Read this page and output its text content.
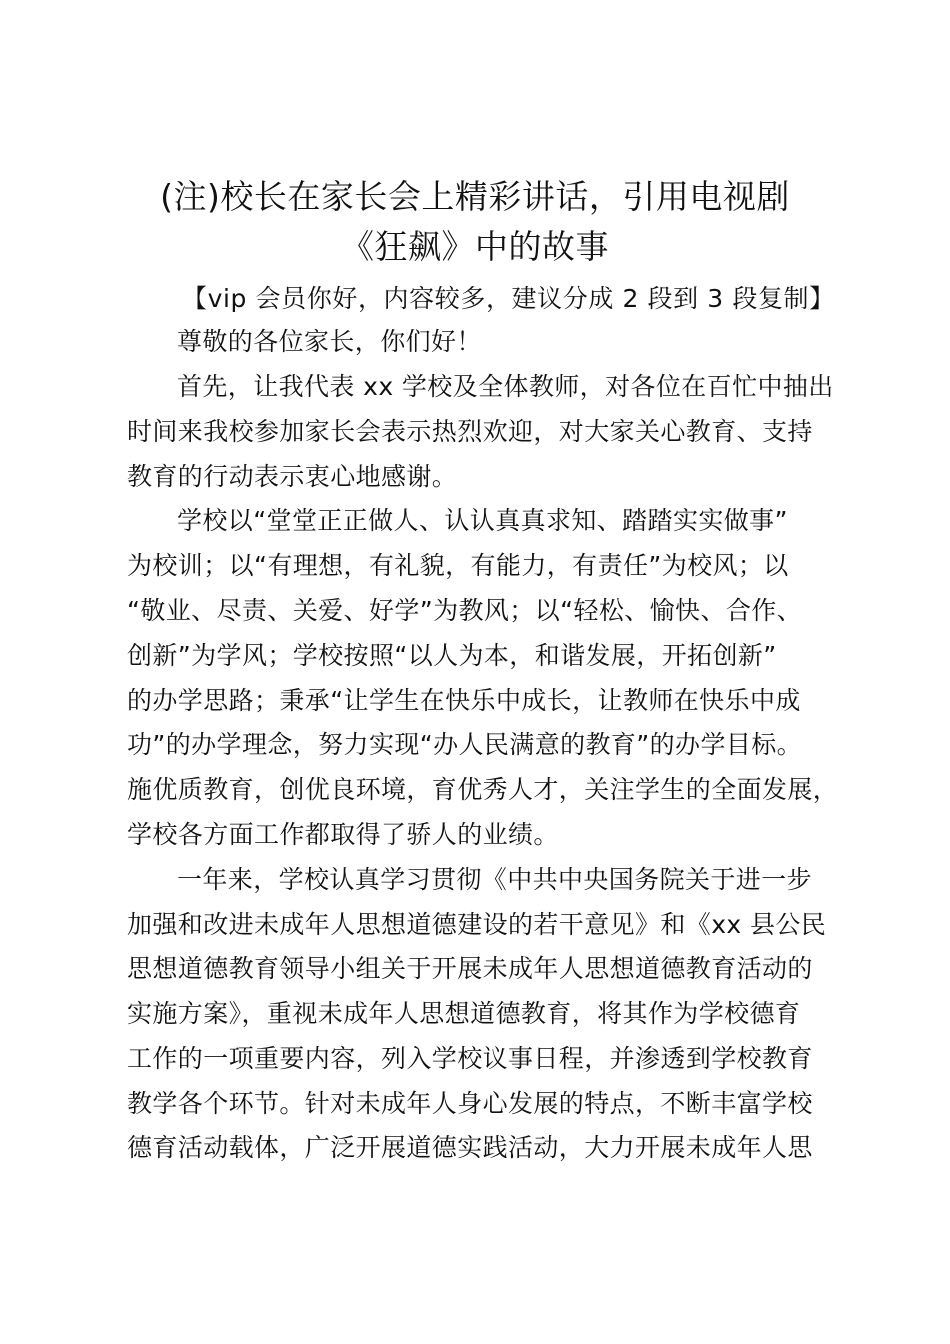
(注)校长在家长会上精彩讲话，引用电视剧
《狂飙》中的故事
【vip 会员你好，内容较多，建议分成 2 段到 3 段复制】
尊敬的各位家长，你们好！
首先，让我代表 xx 学校及全体教师，对各位在百忙中抽出
时间来我校参加家长会表示热烈欢迎，对大家关心教育、支持
教育的行动表示衷心地感谢。
学校以“堂堂正正做人、认认真真求知、踏踏实实做事”
为校训；以“有理想，有礼貌，有能力，有责任”为校风；以
“敬业、尽责、关爱、好学”为教风；以“轻松、愉快、合作、
创新”为学风；学校按照“以人为本，和谐发展，开拓创新”
的办学思路；秉承“让学生在快乐中成长，让教师在快乐中成
功”的办学理念，努力实现“办人民满意的教育”的办学目标。
施优质教育，创优良环境，育优秀人才，关注学生的全面发展，
学校各方面工作都取得了骄人的业绩。
一年来，学校认真学习贯彻《中共中央国务院关于进一步
加强和改进未成年人思想道德建设的若干意见》和《xx 县公民
思想道德教育领导小组关于开展未成年人思想道德教育活动的
实施方案》，重视未成年人思想道德教育，将其作为学校德育
工作的一项重要内容，列入学校议事日程，并渗透到学校教育
教学各个环节。针对未成年人身心发展的特点，不断丰富学校
德育活动载体，广泛开展道德实践活动，大力开展未成年人思
